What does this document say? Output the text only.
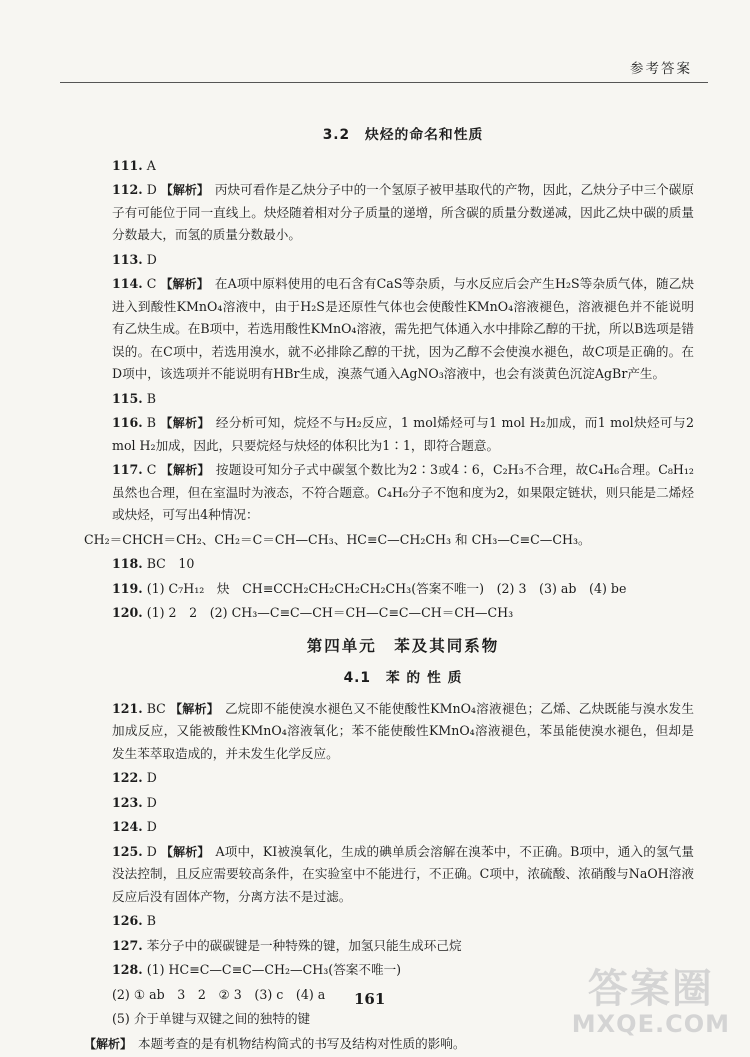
参考答案
3.2　炔烃的命名和性质
111. A
112. D 【解析】 丙炔可看作是乙炔分子中的一个氢原子被甲基取代的产物，因此，乙炔分子中三个碳原子有可能位于同一直线上。炔烃随着相对分子质量的递增，所含碳的质量分数递减，因此乙炔中碳的质量分数最大，而氢的质量分数最小。
113. D
114. C 【解析】 在A项中原料使用的电石含有CaS等杂质，与水反应后会产生H₂S等杂质气体，随乙炔进入到酸性KMnO₄溶液中，由于H₂S是还原性气体也会使酸性KMnO₄溶液褪色，溶液褪色并不能说明有乙炔生成。在B项中，若选用酸性KMnO₄溶液，需先把气体通入水中排除乙醇的干扰，所以B选项是错误的。在C项中，若选用溴水，就不必排除乙醇的干扰，因为乙醇不会使溴水褪色，故C项是正确的。在D项中，该选项并不能说明有HBr生成，溴蒸气通入AgNO₃溶液中，也会有淡黄色沉淀AgBr产生。
115. B
116. B 【解析】 经分析可知，烷烃不与H₂反应，1 mol烯烃可与1 mol H₂加成，而1 mol炔烃可与2 mol H₂加成，因此，只要烷烃与炔烃的体积比为1∶1，即符合题意。
117. C 【解析】 按题设可知分子式中碳氢个数比为2∶3或4∶6，C₂H₃不合理，故C₄H₆合理。C₈H₁₂虽然也合理，但在室温时为液态，不符合题意。C₄H₆分子不饱和度为2，如果限定链状，则只能是二烯烃或炔烃，可写出4种情况：
CH₂＝CHCH＝CH₂、CH₂＝C＝CH—CH₃、HC≡C—CH₂CH₃ 和 CH₃—C≡C—CH₃。
118. BC　10
119. (1) C₇H₁₂　炔　CH≡CCH₂CH₂CH₂CH₂CH₃(答案不唯一)　(2) 3　(3) ab　(4) be
120. (1) 2　2　(2) CH₃—C≡C—CH＝CH—C≡C—CH＝CH—CH₃
第四单元　苯及其同系物
4.1　苯 的 性 质
121. BC 【解析】 乙烷即不能使溴水褪色又不能使酸性KMnO₄溶液褪色；乙烯、乙炔既能与溴水发生加成反应，又能被酸性KMnO₄溶液氧化；苯不能使酸性KMnO₄溶液褪色，苯虽能使溴水褪色，但却是发生苯萃取造成的，并未发生化学反应。
122. D
123. D
124. D
125. D 【解析】 A项中，KI被溴氧化，生成的碘单质会溶解在溴苯中，不正确。B项中，通入的氢气量没法控制，且反应需要较高条件，在实验室中不能进行，不正确。C项中，浓硫酸、浓硝酸与NaOH溶液反应后没有固体产物，分离方法不是过滤。
126. B
127. 苯分子中的碳碳键是一种特殊的键，加氢只能生成环己烷
128. (1) HC≡C—C≡C—CH₂—CH₃(答案不唯一)
(2) ① ab　3　2　② 3　(3) c　(4) a
(5) 介于单键与双键之间的独特的键
【解析】 本题考查的是有机物结构简式的书写及结构对性质的影响。
161	答案圈
MXQE.COM
